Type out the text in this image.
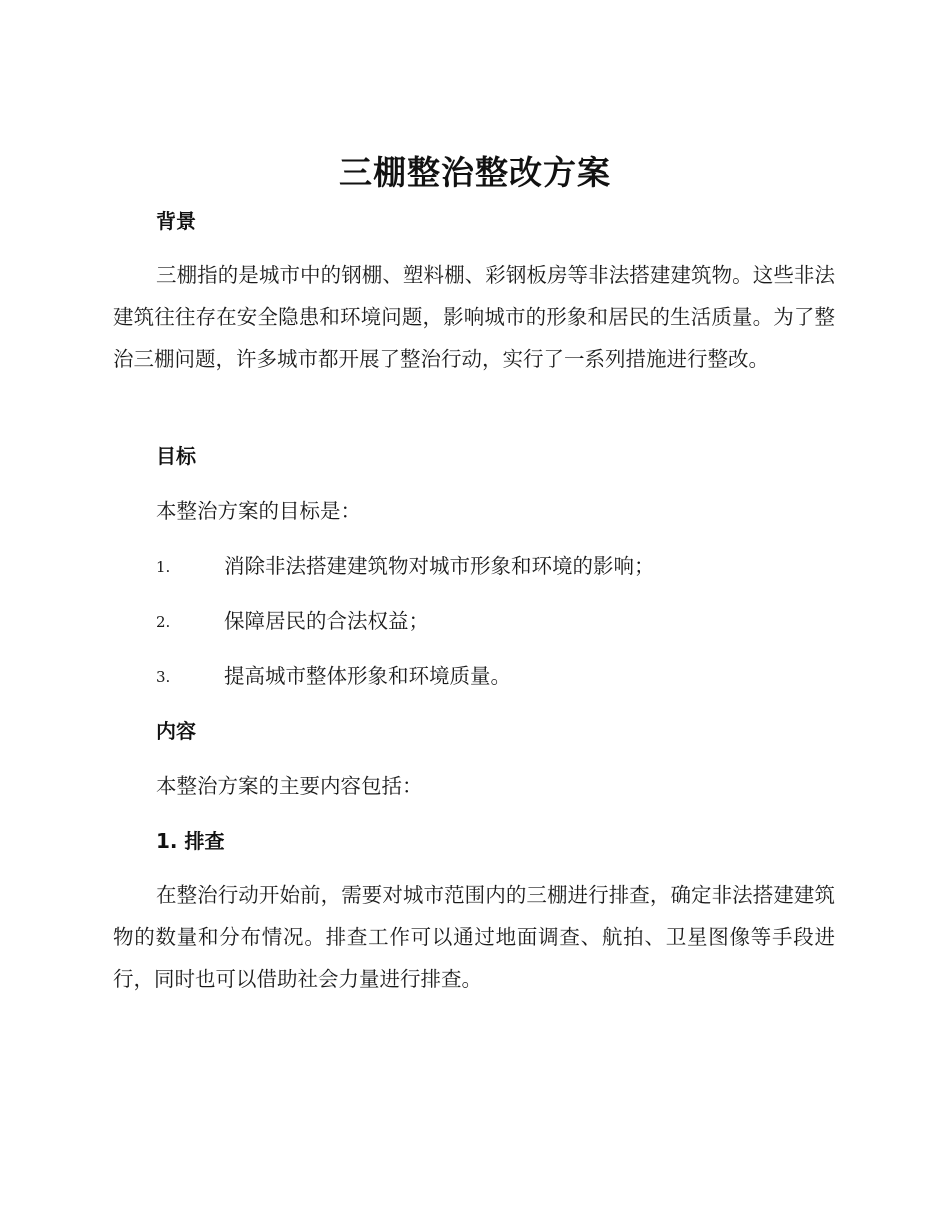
三棚整治整改方案
背景

三棚指的是城市中的钢棚、塑料棚、彩钢板房等非法搭建建筑物。这些非法建筑往往存在安全隐患和环境问题，影响城市的形象和居民的生活质量。为了整治三棚问题，许多城市都开展了整治行动，实行了一系列措施进行整改。

目标

本整治方案的目标是：

1.	消除非法搭建建筑物对城市形象和环境的影响；
2.	保障居民的合法权益；
3.	提高城市整体形象和环境质量。
内容

本整治方案的主要内容包括：

1. 排查

在整治行动开始前，需要对城市范围内的三棚进行排查，确定非法搭建建筑物的数量和分布情况。排查工作可以通过地面调查、航拍、卫星图像等手段进行，同时也可以借助社会力量进行排查。
